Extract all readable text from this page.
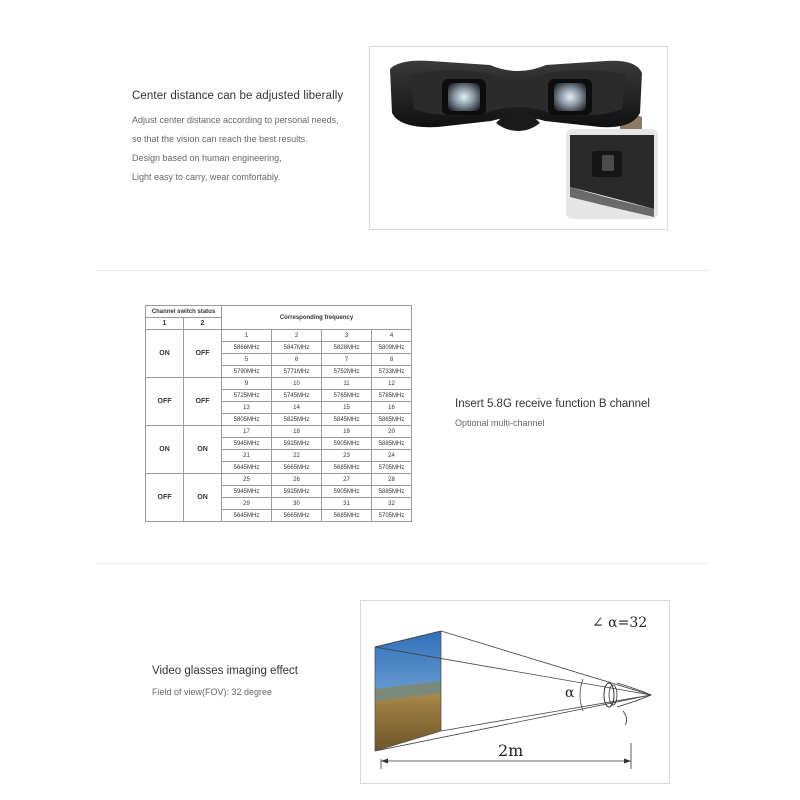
Center distance can be adjusted liberally
Adjust center distance according to personal needs,
so that the vision can reach the best results.
Design based on human engineering,
Light easy to carry, wear comfortably.
Channel switch status		Corresponding frequency			
1	2				
ON	OFF	1	2	3	4
		5866MHz	5847MHz	5828MHz	5809MHz
		5	6	7	8
		5790MHz	5771MHz	5752MHz	5733MHz
OFF	OFF	9	10	11	12
		5725MHz	5745MHz	5765MHz	5785MHz
		13	14	15	16
		5805MHz	5825MHz	5845MHz	5865MHz
ON	ON	17	18	19	20
		5945MHz	5925MHz	5905MHz	5885MHz
		21	22	23	24
		5645MHz	5665MHz	5685MHz	5705MHz
OFF	ON	25	26	27	28
		5945MHz	5925MHz	5905MHz	5885MHz
		29	30	31	32
		5645MHz	5665MHz	5685MHz	5705MHz
Insert 5.8G receive function B channel
Optional multi-channel
Video glasses imaging effect
Field of view(FOV): 32 degree
∠ α=32
α
2m
